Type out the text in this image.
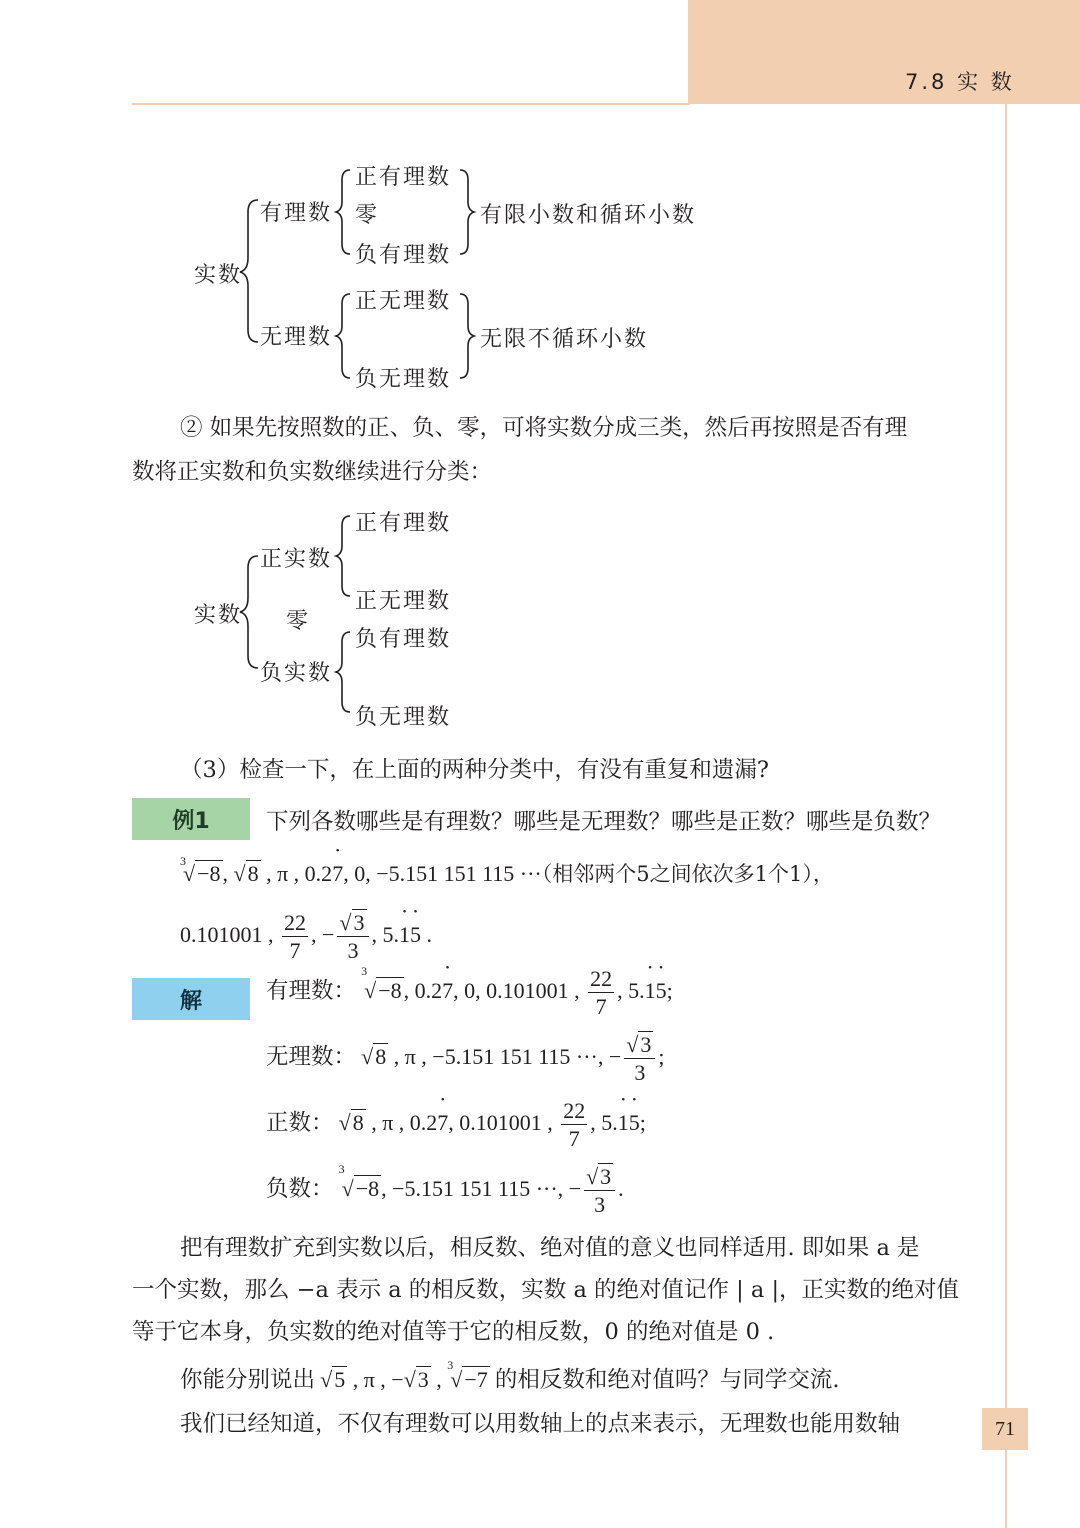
7.8 实 数
实数
有理数
无理数
正有理数
零
负有理数
正无理数
负无理数
有限小数和循环小数
无限不循环小数
② 如果先按照数的正、负、零，可将实数分成三类，然后再按照是否有理
数将正实数和负实数继续进行分类：
实数
正实数
零
负实数
正有理数
正无理数
负有理数
负无理数
（3）检查一下，在上面的两种分类中，有没有重复和遗漏?
例1	下列各数哪些是有理数？哪些是无理数？哪些是正数？哪些是负数？
$^3$√−8, √8 , π , 0.27 •, 0, −5.151 151 115 ···（相邻两个5之间依次多1个1），
0.101001 , $\frac{22}{7}$ , − $\frac{√3}{3}$ , 5.1 •5 • .
解	有理数： $^3$√−8, 0.27 •, 0, 0.101001 , $\frac{22}{7}$ , 5.1 •5 •;
无理数： √8 , π , −5.151 151 115 ···, − $\frac{√3}{3}$ ;
正数： √8 , π , 0.27 •, 0.101001 , $\frac{22}{7}$ , 5.1 •5 •;
负数： $^3$√−8, −5.151 151 115 ···, − $\frac{√3}{3}$ .
把有理数扩充到实数以后，相反数、绝对值的意义也同样适用. 即如果 a 是
一个实数，那么 −a 表示 a 的相反数，实数 a 的绝对值记作 | a |，正实数的绝对值
等于它本身，负实数的绝对值等于它的相反数，0 的绝对值是 0 .
你能分别说出 √5 , π , −√3 , $^3$√−7 的相反数和绝对值吗？与同学交流.
我们已经知道，不仅有理数可以用数轴上的点来表示，无理数也能用数轴	71
